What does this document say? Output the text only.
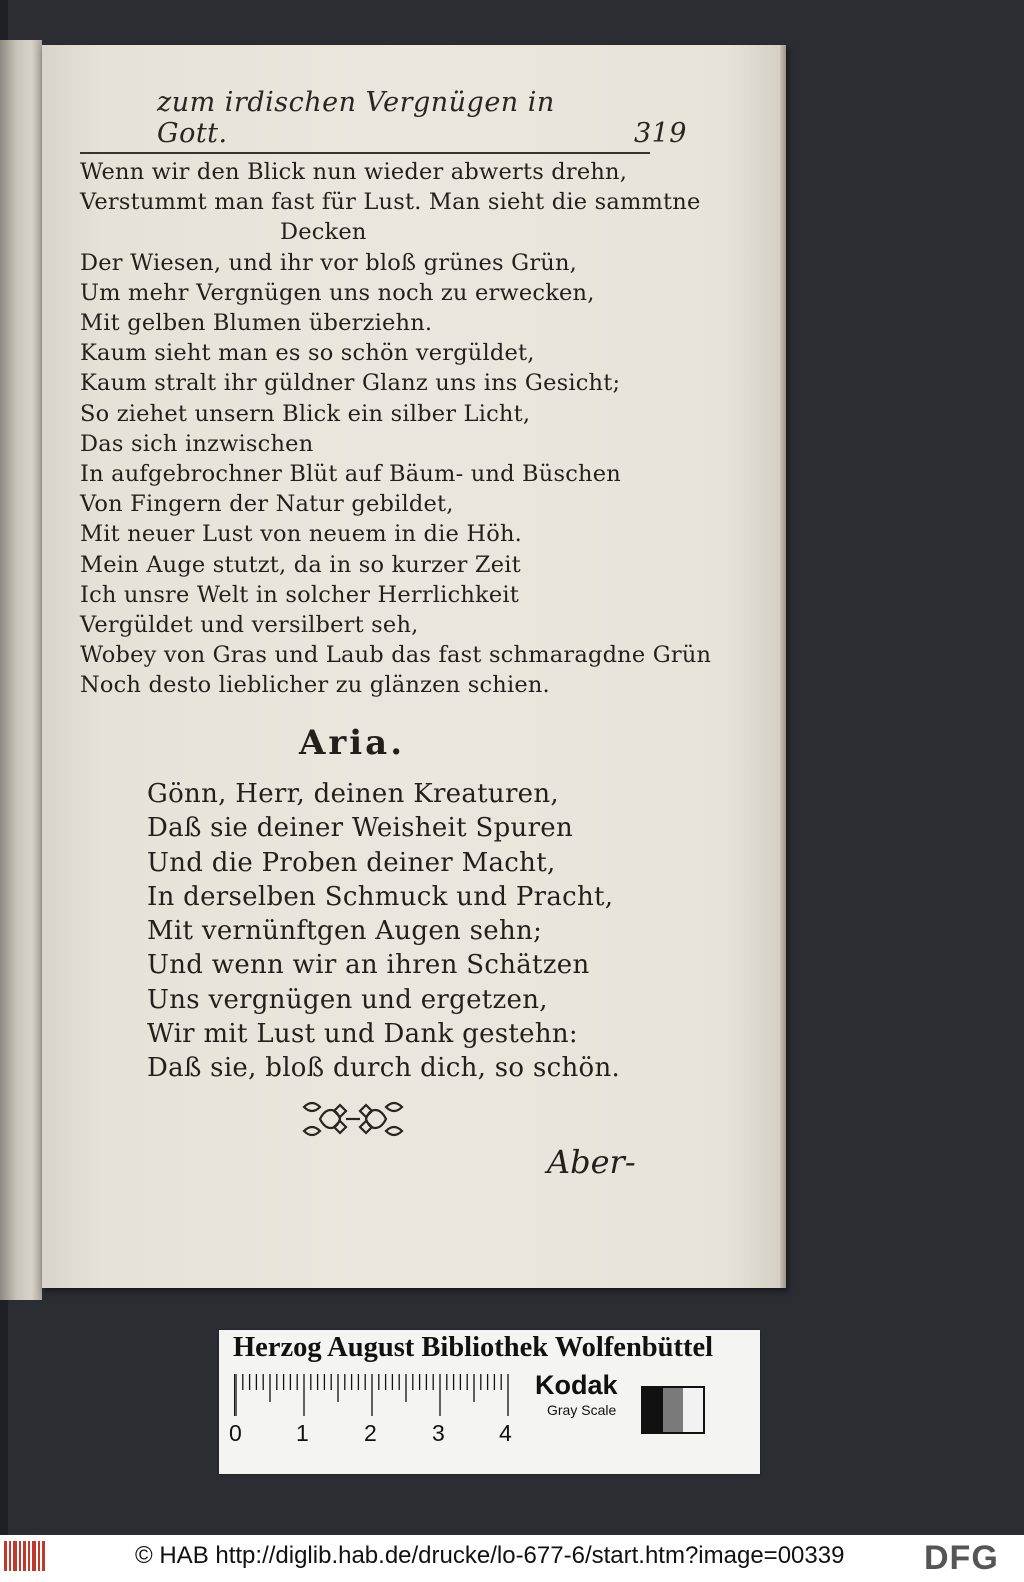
zum irdischen Vergnügen in Gott.	319
Wenn wir den Blick nun wieder abwerts drehn,
Verstummt man fast für Lust. Man sieht die sammtne
Decken
Der Wiesen, und ihr vor bloß grünes Grün,
Um mehr Vergnügen uns noch zu erwecken,
Mit gelben Blumen überziehn.
Kaum sieht man es so schön vergüldet,
Kaum stralt ihr güldner Glanz uns ins Gesicht;
So ziehet unsern Blick ein silber Licht,
Das sich inzwischen
In aufgebrochner Blüt auf Bäum- und Büschen
Von Fingern der Natur gebildet,
Mit neuer Lust von neuem in die Höh.
Mein Auge stutzt, da in so kurzer Zeit
Ich unsre Welt in solcher Herrlichkeit
Vergüldet und versilbert seh,
Wobey von Gras und Laub das fast schmaragdne Grün
Noch desto lieblicher zu glänzen schien.
Aria.
Gönn, Herr, deinen Kreaturen,
Daß sie deiner Weisheit Spuren
Und die Proben deiner Macht,
In derselben Schmuck und Pracht,
Mit vernünftgen Augen sehn;
Und wenn wir an ihren Schätzen
Uns vergnügen und ergetzen,
Wir mit Lust und Dank gestehn:
Daß sie, bloß durch dich, so schön.
Aber-
Herzog August Bibliothek Wolfenbüttel
0 1 2 3 4
Kodak
Gray Scale
© HAB http://diglib.hab.de/drucke/lo-677-6/start.htm?image=00339 DFG
